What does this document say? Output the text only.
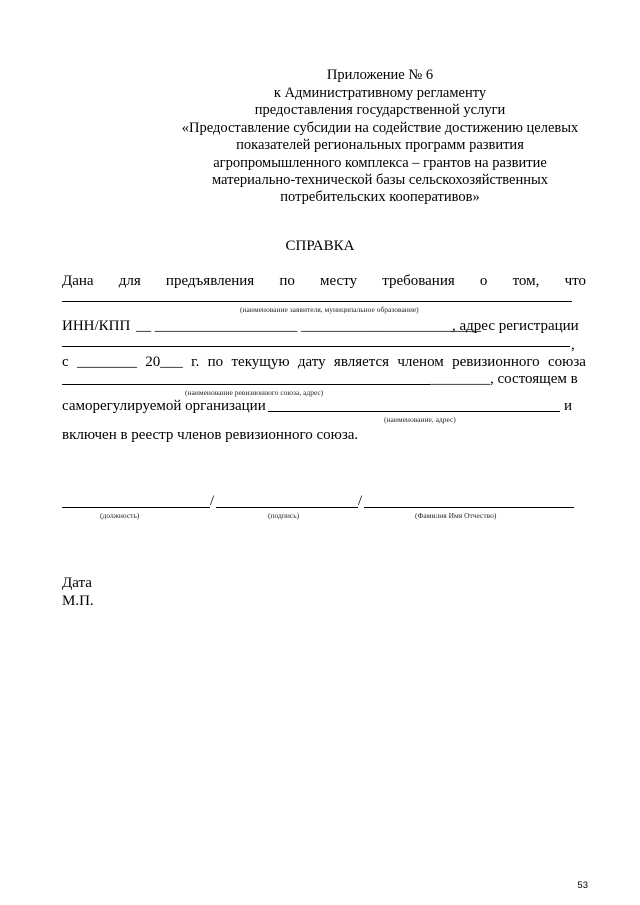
Приложение № 6
к Административному регламенту
предоставления государственной услуги
«Предоставление субсидии на содействие достижению целевых
показателей региональных программ развития
агропромышленного комплекса – грантов на развитие
материально-технической базы сельскохозяйственных
потребительских кооперативов»
СПРАВКА
Дана для предъявления по месту требования о том, что
(наименование заявителя, муниципальное образование)
ИНН/КПП __ ___________________ ________________________
, адрес регистрации
,
с ________ 20___ г. по текущую дату является членом ревизионного союза
________, состоящем в
(наименование ревизионного союза, адрес)
саморегулируемой организации	и
(наименование, адрес)
включен в реестр членов ревизионного союза.
/	/
(должность)	(подпись)	(Фамилия Имя Отчество)
Дата
М.П.
53
